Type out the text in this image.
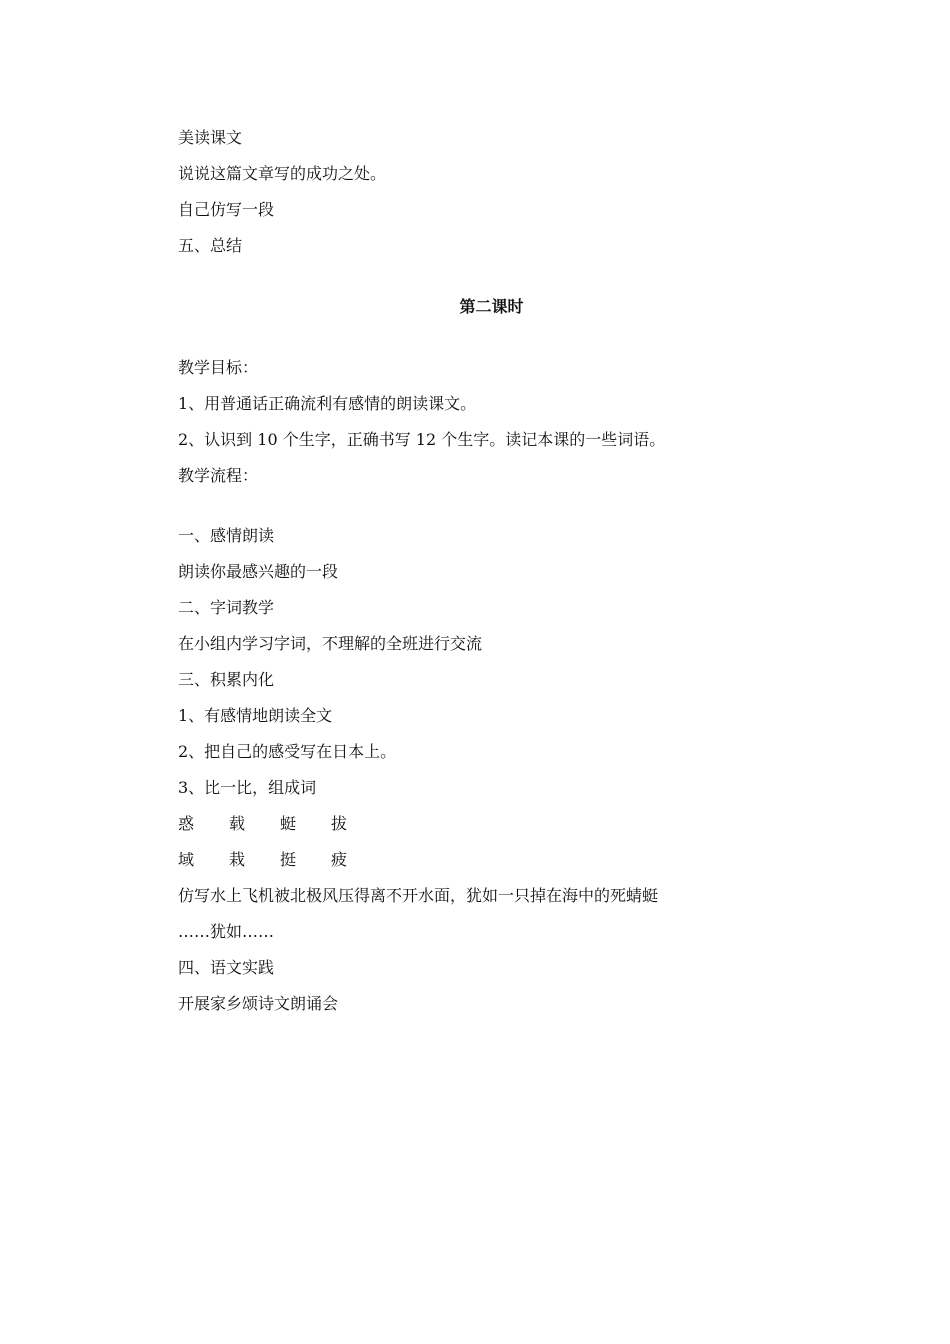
美读课文
说说这篇文章写的成功之处。
自己仿写一段
五、总结
第二课时
教学目标：
1、用普通话正确流利有感情的朗读课文。
2、认识到 10 个生字，正确书写 12 个生字。读记本课的一些词语。
教学流程：
一、感情朗读
朗读你最感兴趣的一段
二、字词教学
在小组内学习字词，不理解的全班进行交流
三、积累内化
1、有感情地朗读全文
2、把自己的感受写在日本上。
3、比一比，组成词
惑 载 蜓 拔
域 栽 挺 疲
仿写水上飞机被北极风压得离不开水面，犹如一只掉在海中的死蜻蜓
……犹如……
四、语文实践
开展家乡颂诗文朗诵会
